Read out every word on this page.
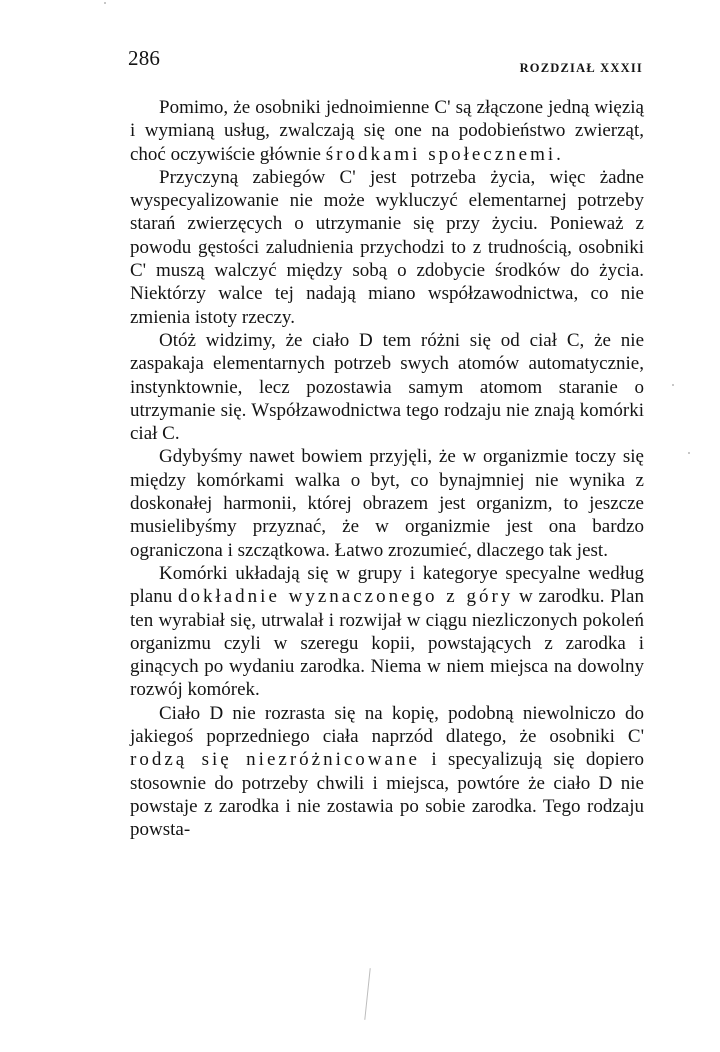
286	ROZDZIAŁ XXXII

Pomimo, że osobniki jednoimienne C' są złączone jedną więzią i wymianą usług, zwalczają się one na podobieństwo zwierząt, choć oczywiście głównie środkami społecznemi.

Przyczyną zabiegów C' jest potrzeba życia, więc żadne wyspecyalizowanie nie może wykluczyć elementarnej potrzeby starań zwierzęcych o utrzymanie się przy życiu. Ponieważ z powodu gęstości zaludnienia przychodzi to z trudnością, osobniki C' muszą walczyć między sobą o zdobycie środków do życia. Niektórzy walce tej nadają miano współzawodnictwa, co nie zmienia istoty rzeczy.

Otóż widzimy, że ciało D tem różni się od ciał C, że nie zaspakaja elementarnych potrzeb swych atomów automatycznie, instynktownie, lecz pozostawia samym atomom staranie o utrzymanie się. Współzawodnictwa tego rodzaju nie znają komórki ciał C.

Gdybyśmy nawet bowiem przyjęli, że w organizmie toczy się między komórkami walka o byt, co bynajmniej nie wynika z doskonałej harmonii, której obrazem jest organizm, to jeszcze musielibyśmy przyznać, że w organizmie jest ona bardzo ograniczona i szczątkowa. Łatwo zrozumieć, dlaczego tak jest.

Komórki układają się w grupy i kategorye specyalne według planu dokładnie wyznaczonego z góry w zarodku. Plan ten wyrabiał się, utrwalał i rozwijał w ciągu niezliczonych pokoleń organizmu czyli w szeregu kopii, powstających z zarodka i ginących po wydaniu zarodka. Niema w niem miejsca na dowolny rozwój komórek.

Ciało D nie rozrasta się na kopię, podobną niewolniczo do jakiegoś poprzedniego ciała naprzód dlatego, że osobniki C' rodzą się niezróżnicowane i specyalizują się dopiero stosownie do potrzeby chwili i miejsca, powtóre że ciało D nie powstaje z zarodka i nie zostawia po sobie zarodka. Tego rodzaju powsta-
